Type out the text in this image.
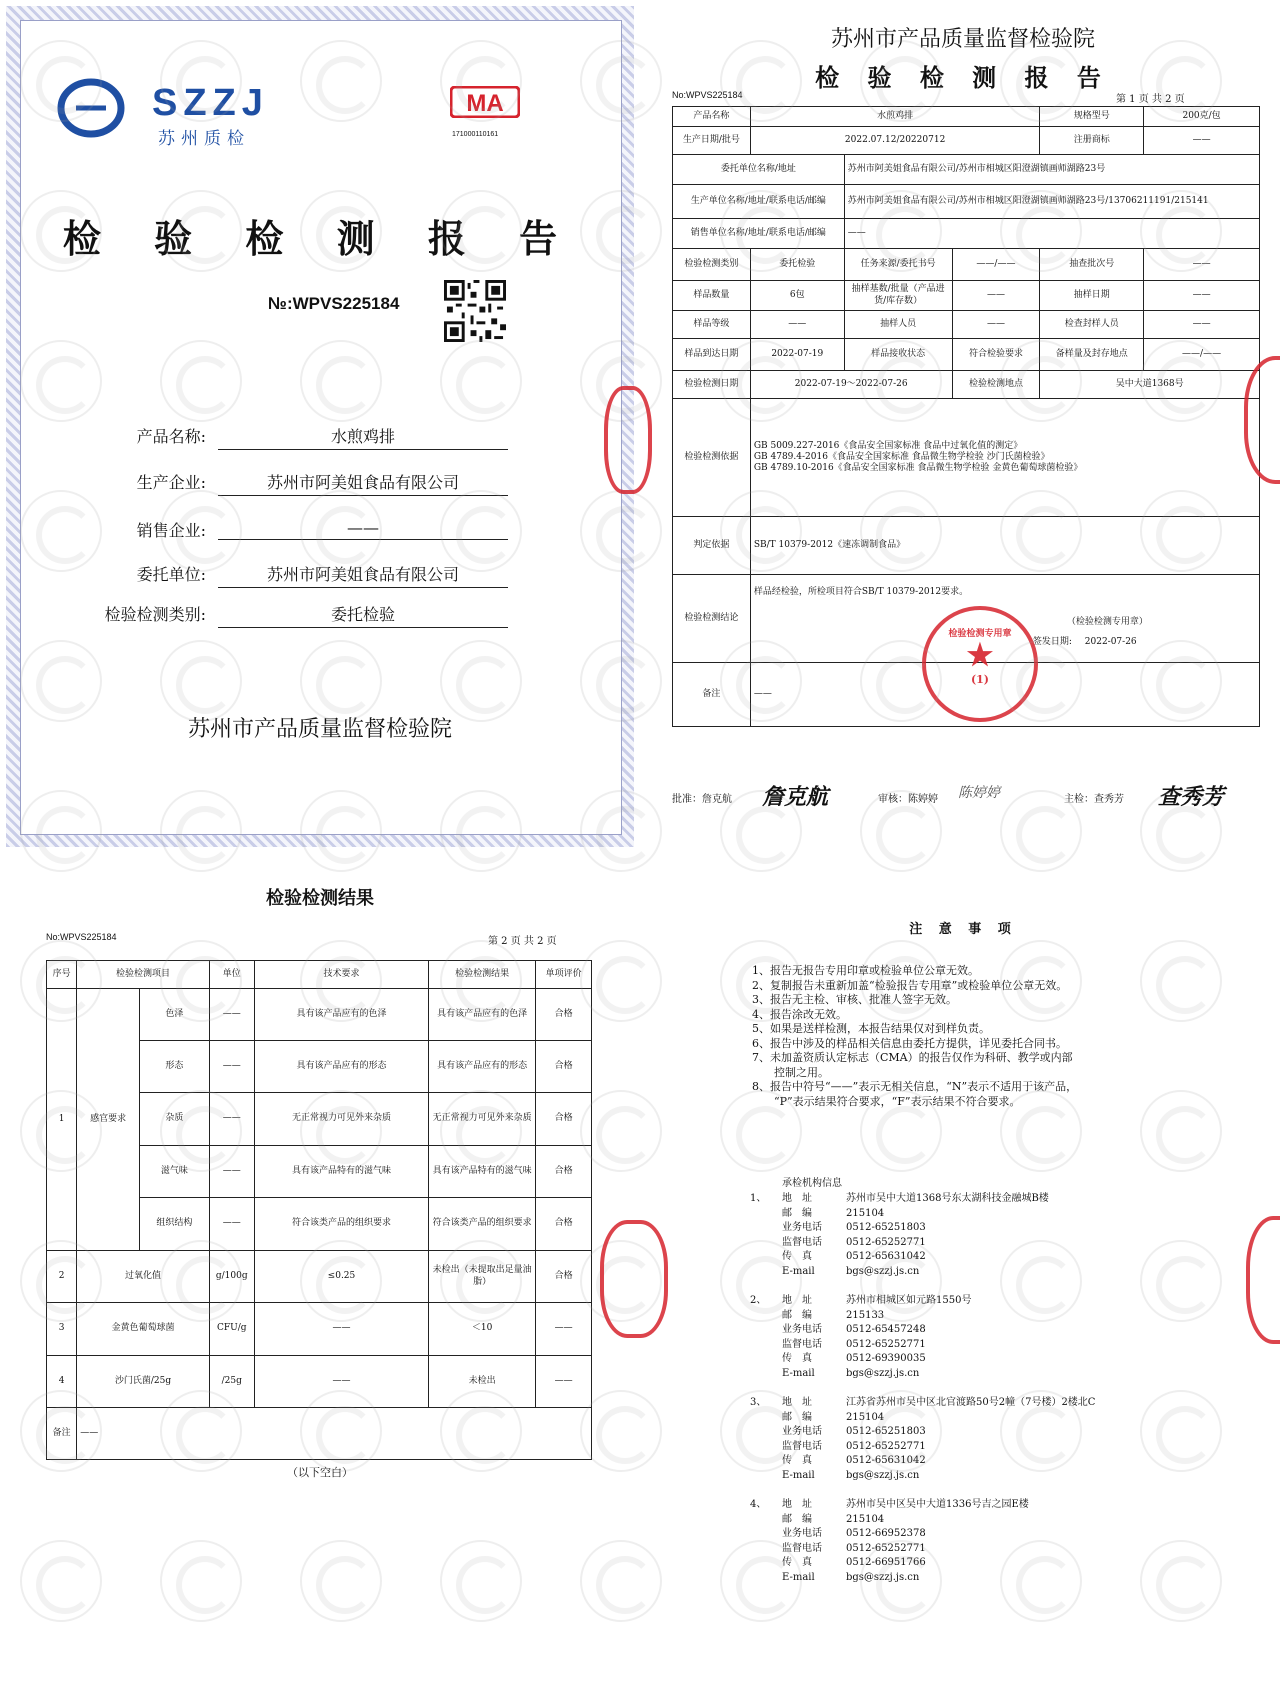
SZZJ
苏州质检
MA
171000110161
检 验 检 测 报 告
№:WPVS225184
产品名称:	水煎鸡排
生产企业:	苏州市阿美姐食品有限公司
销售企业:	——
委托单位:	苏州市阿美姐食品有限公司
检验检测类别:	委托检验
苏州市产品质量监督检验院
苏州市产品质量监督检验院
检 验 检 测 报 告
No:WPVS225184	第 1 页 共 2 页
产品名称	水煎鸡排			规格型号	200克/包
生产日期/批号	2022.07.12/20220712			注册商标	——
委托单位名称/地址		苏州市阿美姐食品有限公司/苏州市相城区阳澄湖镇画师湖路23号			
生产单位名称/地址/联系电话/邮编		苏州市阿美姐食品有限公司/苏州市相城区阳澄湖镇画师湖路23号/13706211191/215141			
销售单位名称/地址/联系电话/邮编		——			
检验检测类别	委托检验	任务来源/委托书号	——/——	抽查批次号	——
样品数量	6包	抽样基数/批量（产品进货/库存数）	——	抽样日期	——
样品等级	——	抽样人员	——	检查封样人员	——
样品到达日期	2022-07-19	样品接收状态	符合检验要求	备样量及封存地点	——/——
检验检测日期	2022-07-19～2022-07-26		检验检测地点	吴中大道1368号	
检验检测依据	GB 5009.227-2016《食品安全国家标准 食品中过氧化值的测定》
GB 4789.4-2016《食品安全国家标准 食品微生物学检验 沙门氏菌检验》
GB 4789.10-2016《食品安全国家标准 食品微生物学检验 金黄色葡萄球菌检验》				

判定依据	SB/T 10379-2012《速冻调制食品》				
检验检测结论	样品经检验，所检项目符合SB/T 10379-2012要求。
（检验检测专用章）
签发日期: 2022-07-26				

备注	——				
检验检测专用章
★
(1)
批准：詹克航 詹克航	审核：陈婷婷 陈婷婷	主检：查秀芳 查秀芳
检验检测结果
No:WPVS225184	第 2 页 共 2 页
序号	检验检测项目		单位	技术要求	检验检测结果	单项评价
1	感官要求	色泽	——	具有该产品应有的色泽	具有该产品应有的色泽	合格
		形态	——	具有该产品应有的形态	具有该产品应有的形态	合格
		杂质	——	无正常视力可见外来杂质	无正常视力可见外来杂质	合格
		滋气味	——	具有该产品特有的滋气味	具有该产品特有的滋气味	合格
		组织结构	——	符合该类产品的组织要求	符合该类产品的组织要求	合格
2	过氧化值		g/100g	≤0.25	未检出（未提取出足量油脂）	合格
3	金黄色葡萄球菌		CFU/g	——	＜10	——
4	沙门氏菌/25g		/25g	——	未检出	——
备注	——					
（以下空白）
注 意 事 项
1、报告无报告专用印章或检验单位公章无效。
2、复制报告未重新加盖“检验报告专用章”或检验单位公章无效。
3、报告无主检、审核、批准人签字无效。
4、报告涂改无效。
5、如果是送样检测，本报告结果仅对到样负责。
6、报告中涉及的样品相关信息由委托方提供，详见委托合同书。
7、未加盖资质认定标志（CMA）的报告仅作为科研、教学或内部
　　控制之用。
8、报告中符号“——”表示无相关信息，“N”表示不适用于该产品，
　　“P”表示结果符合要求，“F”表示结果不符合要求。
承检机构信息
1、 地　址	苏州市吴中大道1368号东太湖科技金融城B楼
邮　编	215104
业务电话	0512-65251803
监督电话	0512-65252771
传　真	0512-65631042
E-mail	bgs@szzj.js.cn
2、 地　址	苏州市相城区如元路1550号
邮　编	215133
业务电话	0512-65457248
监督电话	0512-65252771
传　真	0512-69390035
E-mail	bgs@szzj.js.cn
3、 地　址	江苏省苏州市吴中区北官渡路50号2幢（7号楼）2楼北C
邮　编	215104
业务电话	0512-65251803
监督电话	0512-65252771
传　真	0512-65631042
E-mail	bgs@szzj.js.cn
4、 地　址	苏州市吴中区吴中大道1336号吉之园E楼
邮　编	215104
业务电话	0512-66952378
监督电话	0512-65252771
传　真	0512-66951766
E-mail	bgs@szzj.js.cn
